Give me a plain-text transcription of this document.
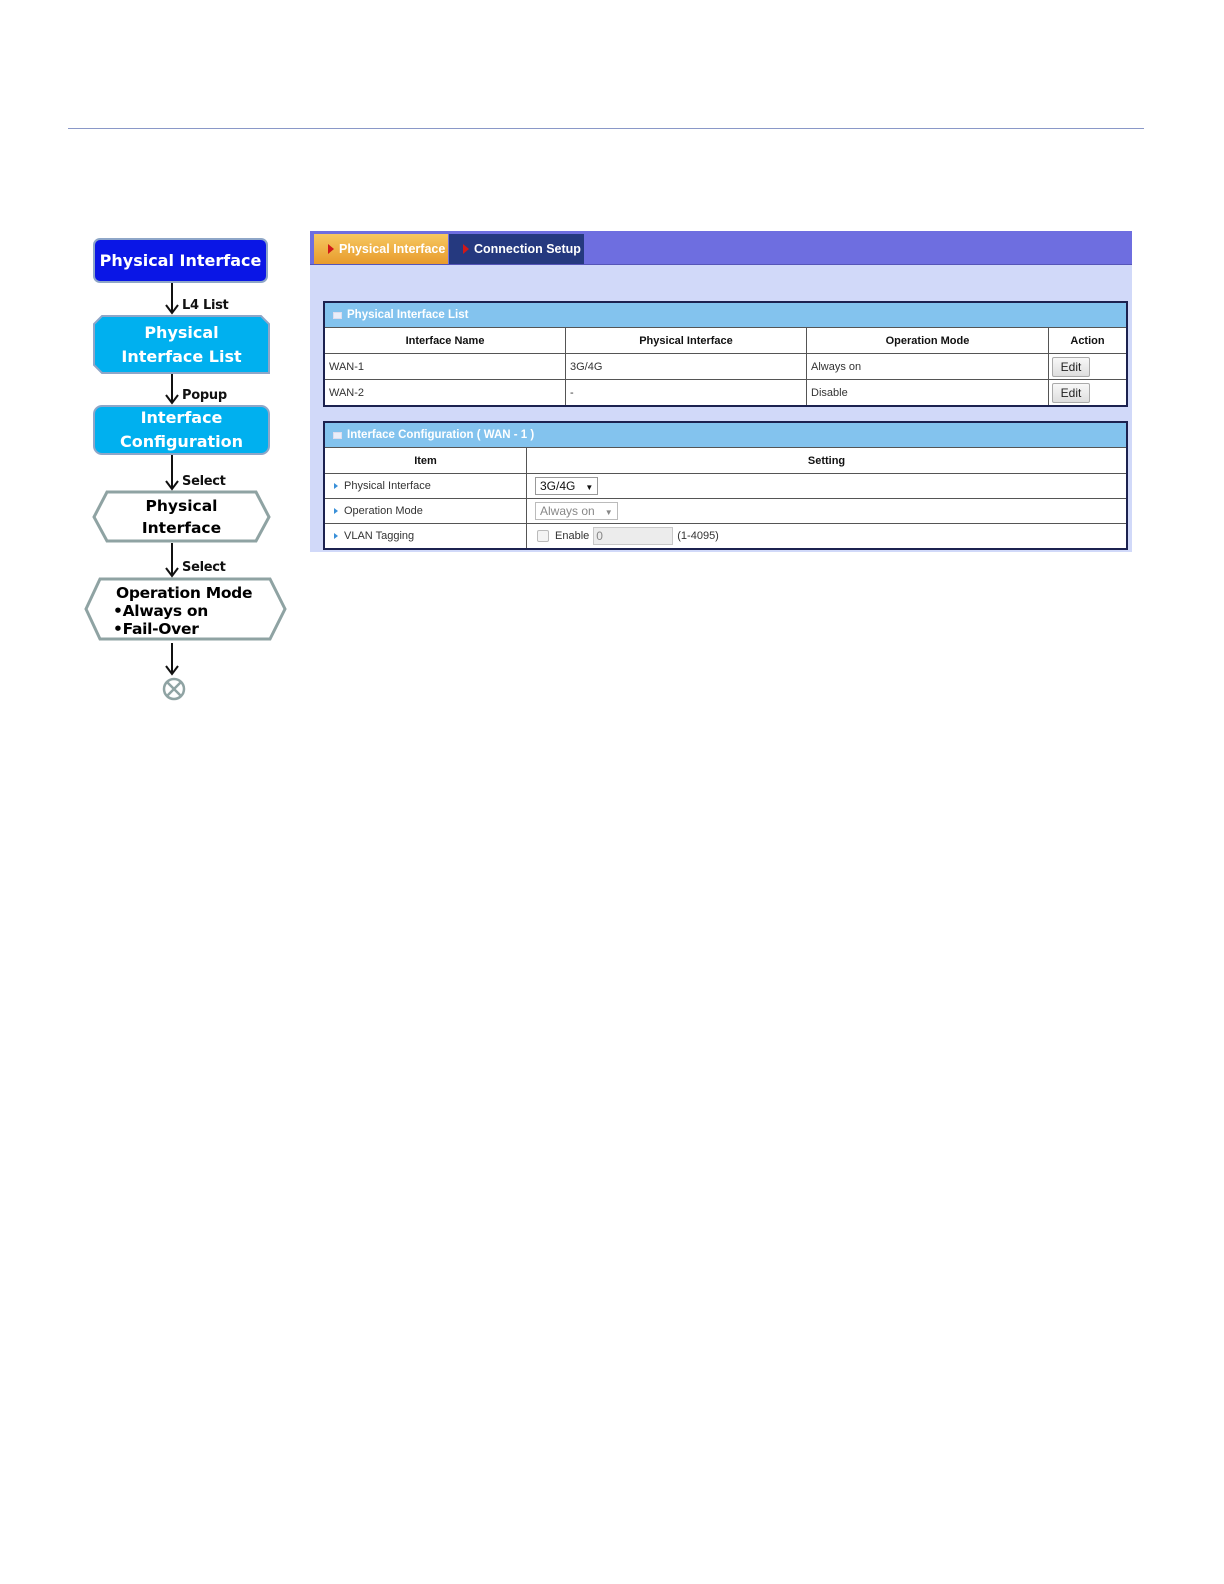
Physical Interface
L4 List
Physical
Interface List
Popup
Interface
Configuration
Select
Physical
Interface
Select
Operation Mode
•Always on
•Fail-Over
Physical Interface Connection Setup
Physical Interface List
Interface Name	Physical Interface	Operation Mode	Action
WAN-1	3G/4G	Always on	Edit
WAN-2	-	Disable	Edit
Interface Configuration ( WAN - 1 )
Item	Setting
Physical Interface	3G/4G ▼
Operation Mode	Always on ▼
VLAN Tagging	Enable 0 (1-4095)
